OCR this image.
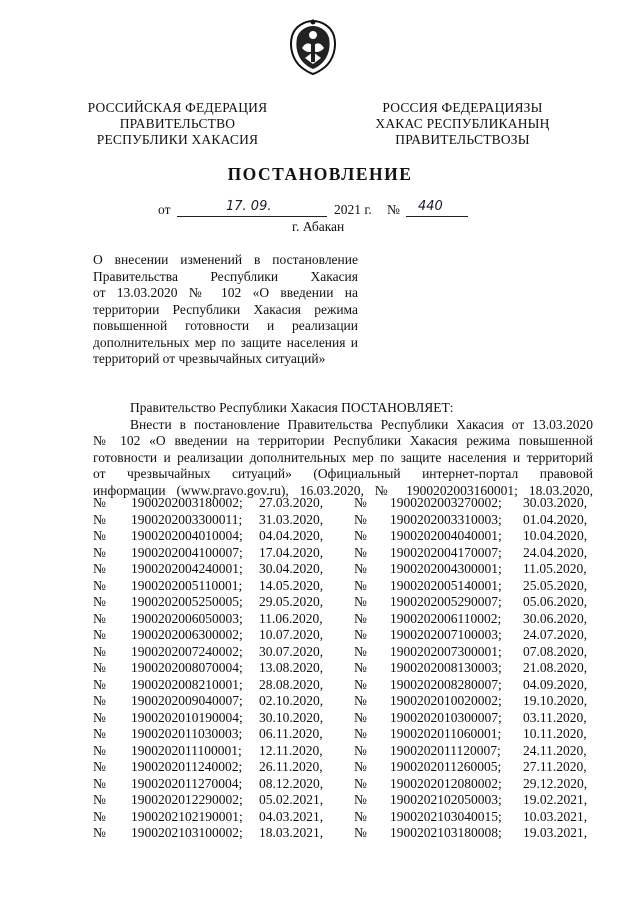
РОССИЙСКАЯ ФЕДЕРАЦИЯ
ПРАВИТЕЛЬСТВО
РЕСПУБЛИКИ ХАКАСИЯ
РОССИЯ ФЕДЕРАЦИЯЗЫ
ХАКАС РЕСПУБЛИКАНЫҢ
ПРАВИТЕЛЬСТВОЗЫ
ПОСТАНОВЛЕНИЕ
от	17. 09.	2021 г. № 440
г. Абакан
О внесении изменений в постановление
Правительства Республики Хакасия
от 13.03.2020 № 102 «О введении на
территории Республики Хакасия режима
повышенной готовности и реализации
дополнительных мер по защите населения и
территорий от чрезвычайных ситуаций»
Правительство Республики Хакасия ПОСТАНОВЛЯЕТ:
Внести в постановление Правительства Республики Хакасия от 13.03.2020
№ 102 «О введении на территории Республики Хакасия режима повышенной
готовности и реализации дополнительных мер по защите населения и территорий
от чрезвычайных ситуаций» (Официальный интернет-портал правовой
информации (www.pravo.gov.ru), 16.03.2020, № 1900202003160001; 18.03.2020,
№ 1900202003180002; 27.03.2020, № 1900202003270002; 30.03.2020,
№ 1900202003300011; 31.03.2020, № 1900202003310003; 01.04.2020,
№ 1900202004010004; 04.04.2020, № 1900202004040001; 10.04.2020,
№ 1900202004100007; 17.04.2020, № 1900202004170007; 24.04.2020,
№ 1900202004240001; 30.04.2020, № 1900202004300001; 11.05.2020,
№ 1900202005110001; 14.05.2020, № 1900202005140001; 25.05.2020,
№ 1900202005250005; 29.05.2020, № 1900202005290007; 05.06.2020,
№ 1900202006050003; 11.06.2020, № 1900202006110002; 30.06.2020,
№ 1900202006300002; 10.07.2020, № 1900202007100003; 24.07.2020,
№ 1900202007240002; 30.07.2020, № 1900202007300001; 07.08.2020,
№ 1900202008070004; 13.08.2020, № 1900202008130003; 21.08.2020,
№ 1900202008210001; 28.08.2020, № 1900202008280007; 04.09.2020,
№ 1900202009040007; 02.10.2020, № 1900202010020002; 19.10.2020,
№ 1900202010190004; 30.10.2020, № 1900202010300007; 03.11.2020,
№ 1900202011030003; 06.11.2020, № 1900202011060001; 10.11.2020,
№ 1900202011100001; 12.11.2020, № 1900202011120007; 24.11.2020,
№ 1900202011240002; 26.11.2020, № 1900202011260005; 27.11.2020,
№ 1900202011270004; 08.12.2020, № 1900202012080002; 29.12.2020,
№ 1900202012290002; 05.02.2021, № 1900202102050003; 19.02.2021,
№ 1900202102190001; 04.03.2021, № 1900202103040015; 10.03.2021,
№ 1900202103100002; 18.03.2021, № 1900202103180008; 19.03.2021,
